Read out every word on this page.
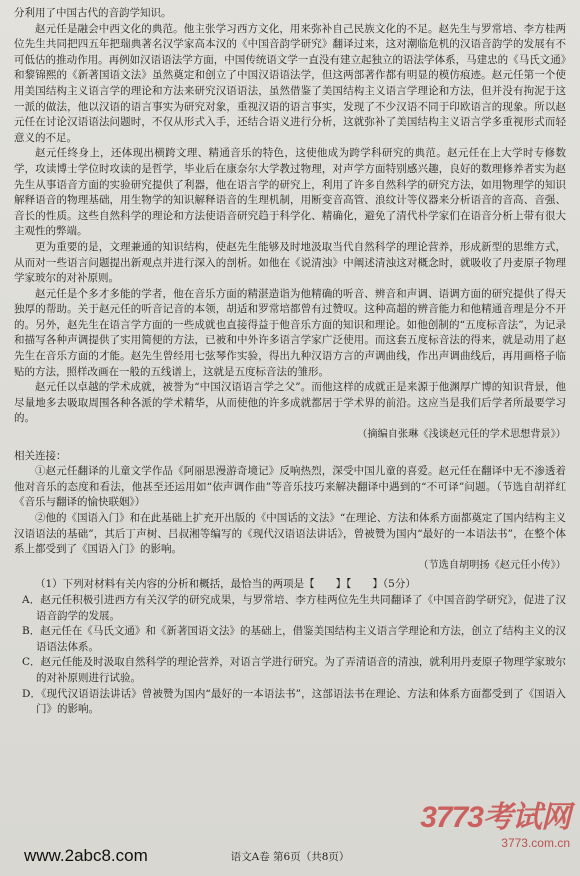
分利用了中国古代的音韵学知识。

赵元任是融会中西文化的典范。他主张学习西方文化，用来弥补自己民族文化的不足。赵先生与罗常培、李方桂两位先生共同把四五年把瑞典著名汉学家高本汉的《中国音韵学研究》翻译过来，这对潮临危机的汉语音韵学的发展有不可低估的推动作用。再例如汉语语法学方面，中国传统语文学一直没有建立起独立的语法学体系，马建忠的《马氏文通》和黎锦熙的《新著国语文法》虽然奠定和创立了中国汉语语法学，但这两部著作都有明显的模仿痕迹。赵元任第一个使用美国结构主义语言学的理论和方法来研究汉语语法，虽然借鉴了美国结构主义语言学理论和方法，但并没有拘泥于这一派的做法，他以汉语的语言事实为研究对象，重视汉语的语言事实，发现了不少汉语不同于印欧语言的现象。所以赵元任在讨论汉语语法问题时，不仅从形式入手，还结合语义进行分析，这就弥补了美国结构主义语言学多重视形式而轻意义的不足。

赵元任终身上，还体现出横跨文理、精通音乐的特色，这使他成为跨学科研究的典范。赵元任在上大学时专修数学，攻读博士学位时攻读的是哲学，毕业后在康奈尔大学教过物理，对声学方面特别感兴趣，良好的数理修养者实为赵先生从事语音方面的实验研究提供了利器，他在语言学的研究上，利用了许多自然科学的研究方法，如用物理学的知识解释语音的物理基础，用生物学的知识解释语音的生理机制，用断变音高管、浪纹计等仪器来分析语音的音高、音强、音长的性质。这些自然科学的理论和方法使语音研究趋于科学化、精确化，避免了清代朴学家们在语音分析上带有很大主观性的弊端。

更为重要的是，文理兼通的知识结构，使赵先生能够及时地汲取当代自然科学的理论营养，形成新型的思维方式，从而对一些语言问题提出新观点并进行深入的剖析。如他在《说清浊》中阐述清浊这对概念时，就吸收了丹麦原子物理学家玻尔的对补原则。

赵元任是个多才多能的学者，他在音乐方面的精湛造诣为他精确的听音、辨音和声调、语调方面的研究提供了得天独厚的帮助。关于赵元任的听音记音的本领，胡适和罗常培都曾有过赞叹。这种高超的辨音能力和他精通音理是分不开的。另外，赵先生在语言学方面的一些成就也直接得益于他音乐方面的知识和理论。如他创制的“五度标音法”，为记录和描写各种声调提供了实用简便的方法，已被和中外许多语言学家广泛使用。而这套五度标音法的得来，就是动用了赵先生在音乐方面的才能。赵先生曾经用七弦琴作实验，得出九种汉语方言的声调曲线，作出声调曲线后，再用画格子临贴的方法，照样改画在一般的五线谱上，这就是五度标音法的雏形。

赵元任以卓越的学术成就，被誉为“中国汉语语言学之父”。而他这样的成就正是来源于他渊厚广博的知识背景，他尽量地多去吸取周围各种各派的学术精华，从而使他的许多成就都居于学术界的前沿。这应当是我们后学者所最要学习的。

（摘编自张琳《浅谈赵元任的学术思想背景》）

相关连接：

①赵元任翻译的儿童文学作品《阿丽思漫游奇境记》反响热烈，深受中国儿童的喜爱。赵元任在翻译中无不渗透着他对音乐的态度和看法，他甚至还运用如“依声调作曲”等音乐技巧来解决翻译中遇到的“不可译”问题。（节选自胡祥红《音乐与翻译的愉快联姻》）

②他的《国语入门》和在此基础上扩充开出版的《中国话的文法》“在理论、方法和体系方面都奠定了国内结构主义汉语语法的基础”，其后丁声树、吕叔湘等编写的《现代汉语语法讲话》，曾被赞为国内“最好的一本语法书”，在整个体系上都受到了《国语入门》的影响。

（节选自胡明扬《赵元任小传》）

（1）下列对材料有关内容的分析和概括，最恰当的两项是【　　】【　　】（5分）

A．赵元任积极引进西方有关汉学的研究成果，与罗常培、李方桂两位先生共同翻译了《中国音韵学研究》，促进了汉语音韵学的发展。

B．赵元任在《马氏文通》和《新著国语文法》的基础上，借鉴美国结构主义语言学理论和方法，创立了结构主义的汉语语法体系。

C．赵元任能及时汲取自然科学的理论营养，对语言学进行研究。为了弄清语音的清浊，就利用丹麦原子物理学家玻尔的对补原则进行试验。

D．《现代汉语语法讲话》曾被赞为国内“最好的一本语法书”，这部语法书在理论、方法和体系方面都受到了《国语入门》的影响。

3773考试网
3773.com.cn
www.2abc8.com	语文A卷 第6页（共8页）
